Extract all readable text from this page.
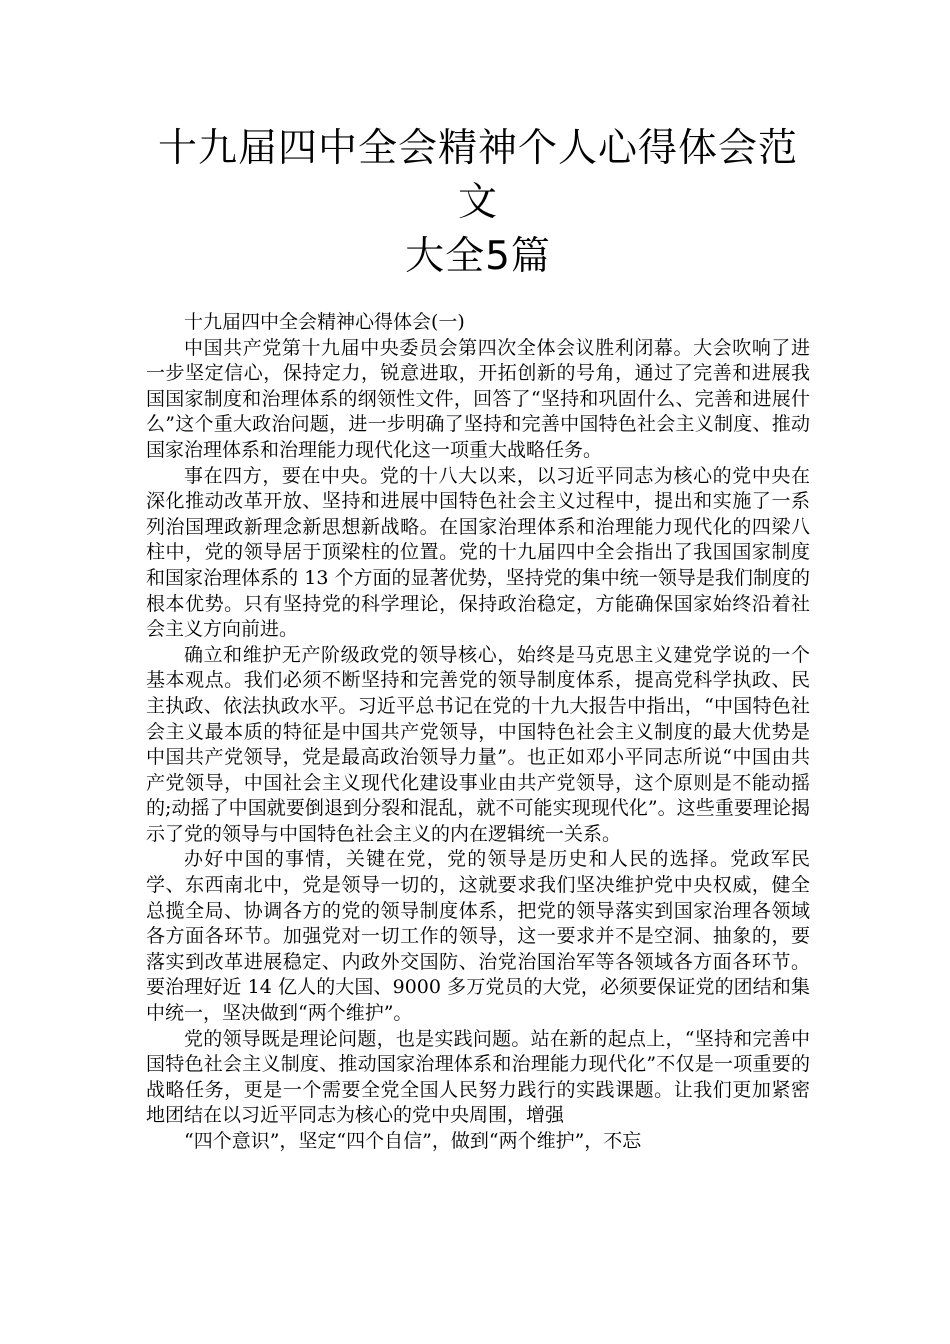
十九届四中全会精神个人心得体会范文
大全5篇

十九届四中全会精神心得体会(一)

中国共产党第十九届中央委员会第四次全体会议胜利闭幕。大会吹响了进一步坚定信心，保持定力，锐意进取，开拓创新的号角，通过了完善和进展我国国家制度和治理体系的纲领性文件，回答了“坚持和巩固什么、完善和进展什么”这个重大政治问题，进一步明确了坚持和完善中国特色社会主义制度、推动国家治理体系和治理能力现代化这一项重大战略任务。

事在四方，要在中央。党的十八大以来，以习近平同志为核心的党中央在深化推动改革开放、坚持和进展中国特色社会主义过程中，提出和实施了一系列治国理政新理念新思想新战略。在国家治理体系和治理能力现代化的四梁八柱中，党的领导居于顶梁柱的位置。党的十九届四中全会指出了我国国家制度和国家治理体系的 13 个方面的显著优势，坚持党的集中统一领导是我们制度的根本优势。只有坚持党的科学理论，保持政治稳定，方能确保国家始终沿着社会主义方向前进。

确立和维护无产阶级政党的领导核心，始终是马克思主义建党学说的一个基本观点。我们必须不断坚持和完善党的领导制度体系，提高党科学执政、民主执政、依法执政水平。习近平总书记在党的十九大报告中指出，“中国特色社会主义最本质的特征是中国共产党领导，中国特色社会主义制度的最大优势是中国共产党领导，党是最高政治领导力量”。也正如邓小平同志所说“中国由共产党领导，中国社会主义现代化建设事业由共产党领导，这个原则是不能动摇的;动摇了中国就要倒退到分裂和混乱，就不可能实现现代化”。这些重要理论揭示了党的领导与中国特色社会主义的内在逻辑统一关系。

办好中国的事情，关键在党，党的领导是历史和人民的选择。党政军民学、东西南北中，党是领导一切的，这就要求我们坚决维护党中央权威，健全总揽全局、协调各方的党的领导制度体系，把党的领导落实到国家治理各领域各方面各环节。加强党对一切工作的领导，这一要求并不是空洞、抽象的，要落实到改革进展稳定、内政外交国防、治党治国治军等各领域各方面各环节。要治理好近 14 亿人的大国、9000 多万党员的大党，必须要保证党的团结和集中统一，坚决做到“两个维护”。

党的领导既是理论问题，也是实践问题。站在新的起点上，“坚持和完善中国特色社会主义制度、推动国家治理体系和治理能力现代化”不仅是一项重要的战略任务，更是一个需要全党全国人民努力践行的实践课题。让我们更加紧密地团结在以习近平同志为核心的党中央周围，增强

“四个意识”，坚定“四个自信”，做到“两个维护”，不忘
